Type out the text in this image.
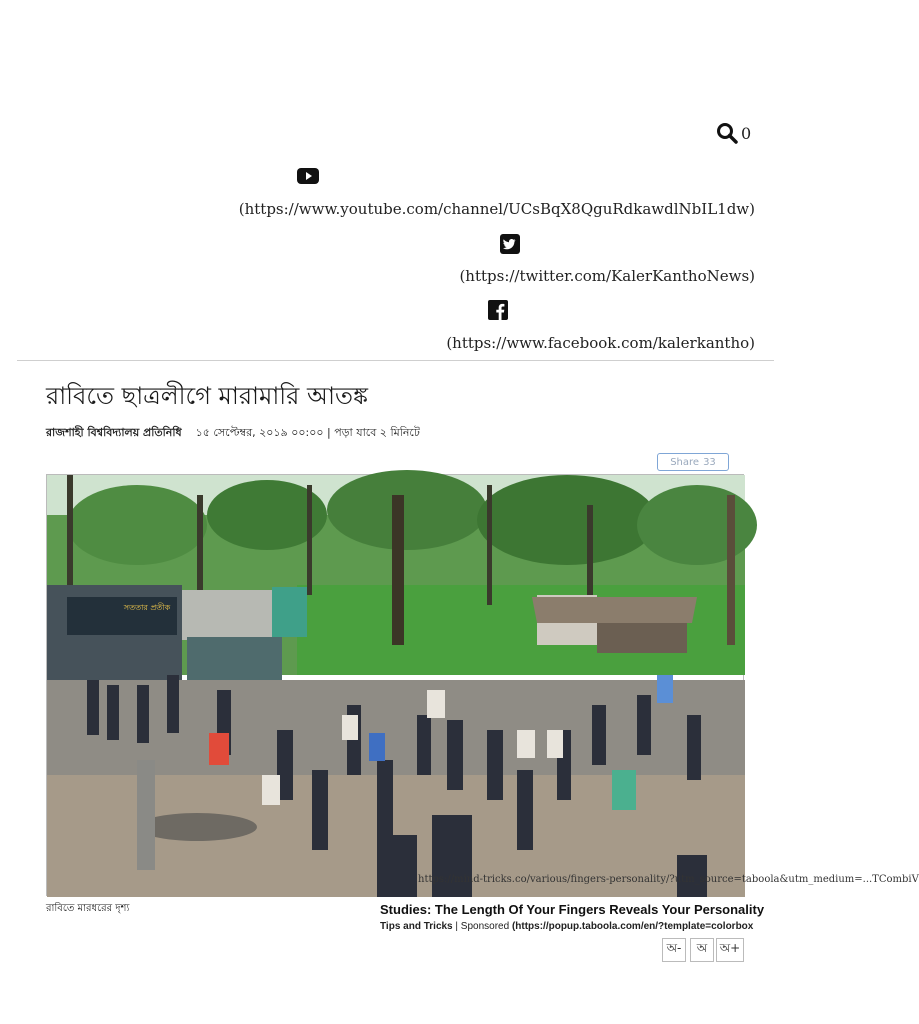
0
(https://www.youtube.com/channel/UCsBqX8QguRdkawdlNbIL1dw)
(https://twitter.com/KalerKanthoNews)
(https://www.facebook.com/kalerkantho)
রাবিতে ছাত্রলীগে মারামারি আতঙ্ক
রাজশাহী বিশ্ববিদ্যালয় প্রতিনিধি ১৫ সেপ্টেম্বর, ২০১৯ ০০:০০ | পড়া যাবে ২ মিনিটে
Share 33
সততার প্রতীক
https://mind-tricks.co/various/fingers-personality/?utm_source=taboola&utm_medium=...TCombiV
রাবিতে মারধরের দৃশ্য	Studies: The Length Of Your Fingers Reveals Your Personality
Tips and Tricks | Sponsored (https://popup.taboola.com/en/?template=colorbox
অ-	অ	অ+
